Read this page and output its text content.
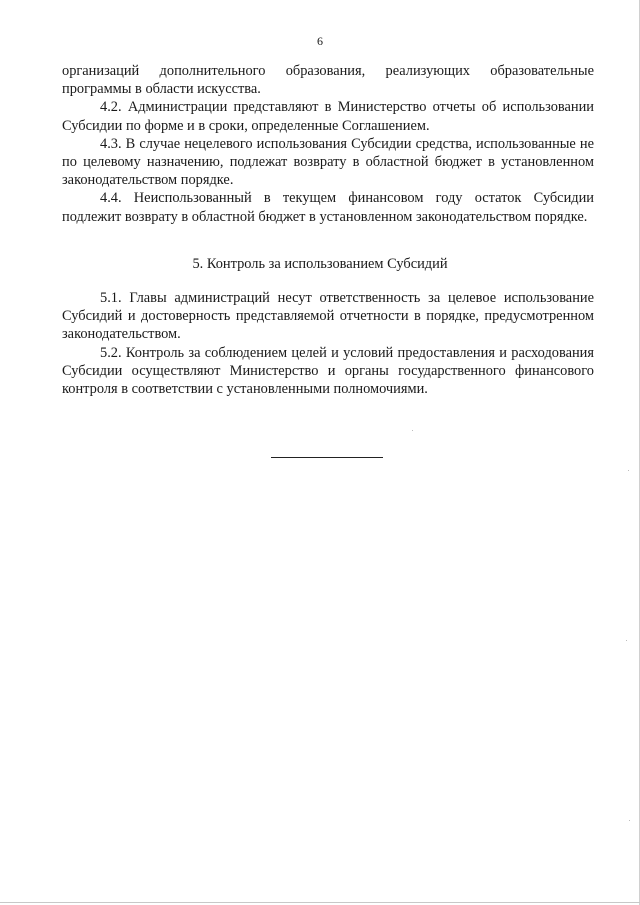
6

организаций дополнительного образования, реализующих образовательные программы в области искусства.

4.2. Администрации представляют в Министерство отчеты об использовании Субсидии по форме и в сроки, определенные Соглашением.

4.3. В случае нецелевого использования Субсидии средства, использованные не по целевому назначению, подлежат возврату в областной бюджет в установленном законодательством порядке.

4.4. Неиспользованный в текущем финансовом году остаток Субсидии подлежит возврату в областной бюджет в установленном законодательством порядке.

5. Контроль за использованием Субсидий

5.1. Главы администраций несут ответственность за целевое использование Субсидий и достоверность представляемой отчетности в порядке, предусмотренном законодательством.

5.2. Контроль за соблюдением целей и условий предоставления и расходования Субсидии осуществляют Министерство и органы государственного финансового контроля в соответствии с установленными полномочиями.
